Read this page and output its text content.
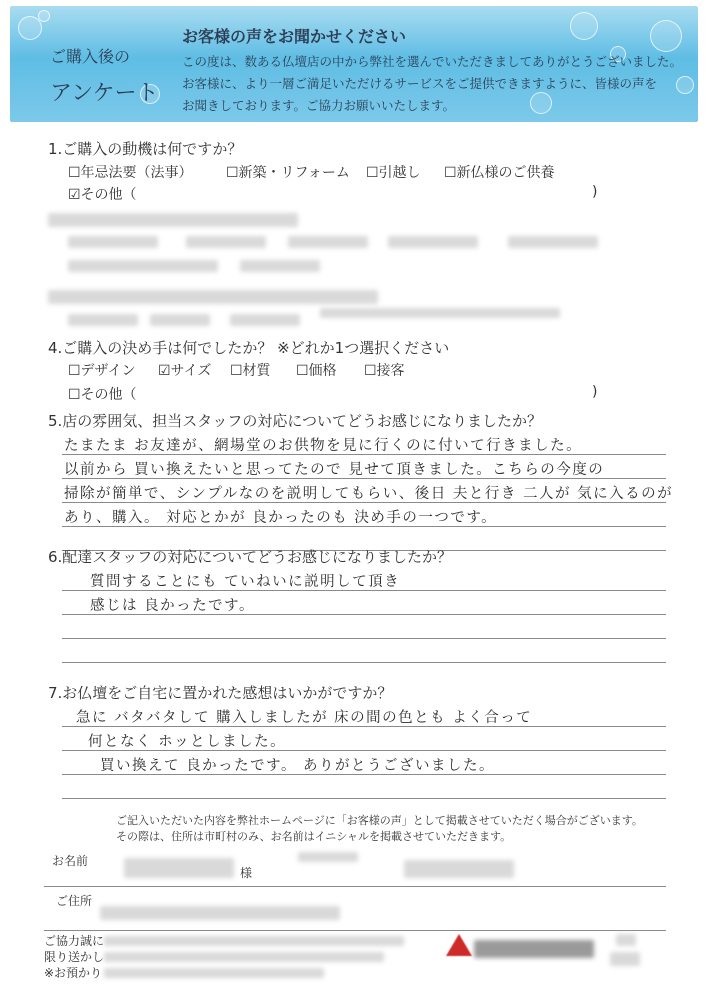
ご購入後の
アンケート
お客様の声をお聞かせください
この度は、数ある仏壇店の中から弊社を選んでいただきましてありがとうございました。
お客様に、より一層ご満足いただけるサービスをご提供できますように、皆様の声を
お聞きしております。ご協力お願いいたします。
1.ご購入の動機は何ですか？
☐年忌法要（法事） ☐新築・リフォーム ☐引越し ☐新仏様のご供養
☑その他（	)
4.ご購入の決め手は何でしたか？ ※どれか1つ選択ください
☐デザイン ☑サイズ ☐材質 ☐価格 ☐接客
☐その他（	)
5.店の雰囲気、担当スタッフの対応についてどうお感じになりましたか？
たまたま お友達が、網場堂のお供物を見に行くのに付いて行きました。
以前から 買い換えたいと思ってたので 見せて頂きました。こちらの今度の
掃除が簡単で、シンプルなのを説明してもらい、後日 夫と行き 二人が 気に入るのが
あり、購入。 対応とかが 良かったのも 決め手の一つです。
6.配達スタッフの対応についてどうお感じになりましたか？
質問することにも ていねいに説明して頂き
感じは 良かったです。
7.お仏壇をご自宅に置かれた感想はいかがですか？
急に バタバタして 購入しましたが 床の間の色とも よく合って
何となく ホッとしました。
買い換えて 良かったです。 ありがとうございました。
ご記入いただいた内容を弊社ホームページに「お客様の声」として掲載させていただく場合がございます。
その際は、住所は市町村のみ、お名前はイニシャルを掲載させていただきます。
お名前
様
ご住所
ご協力誠に
限り送かし
※お預かり
